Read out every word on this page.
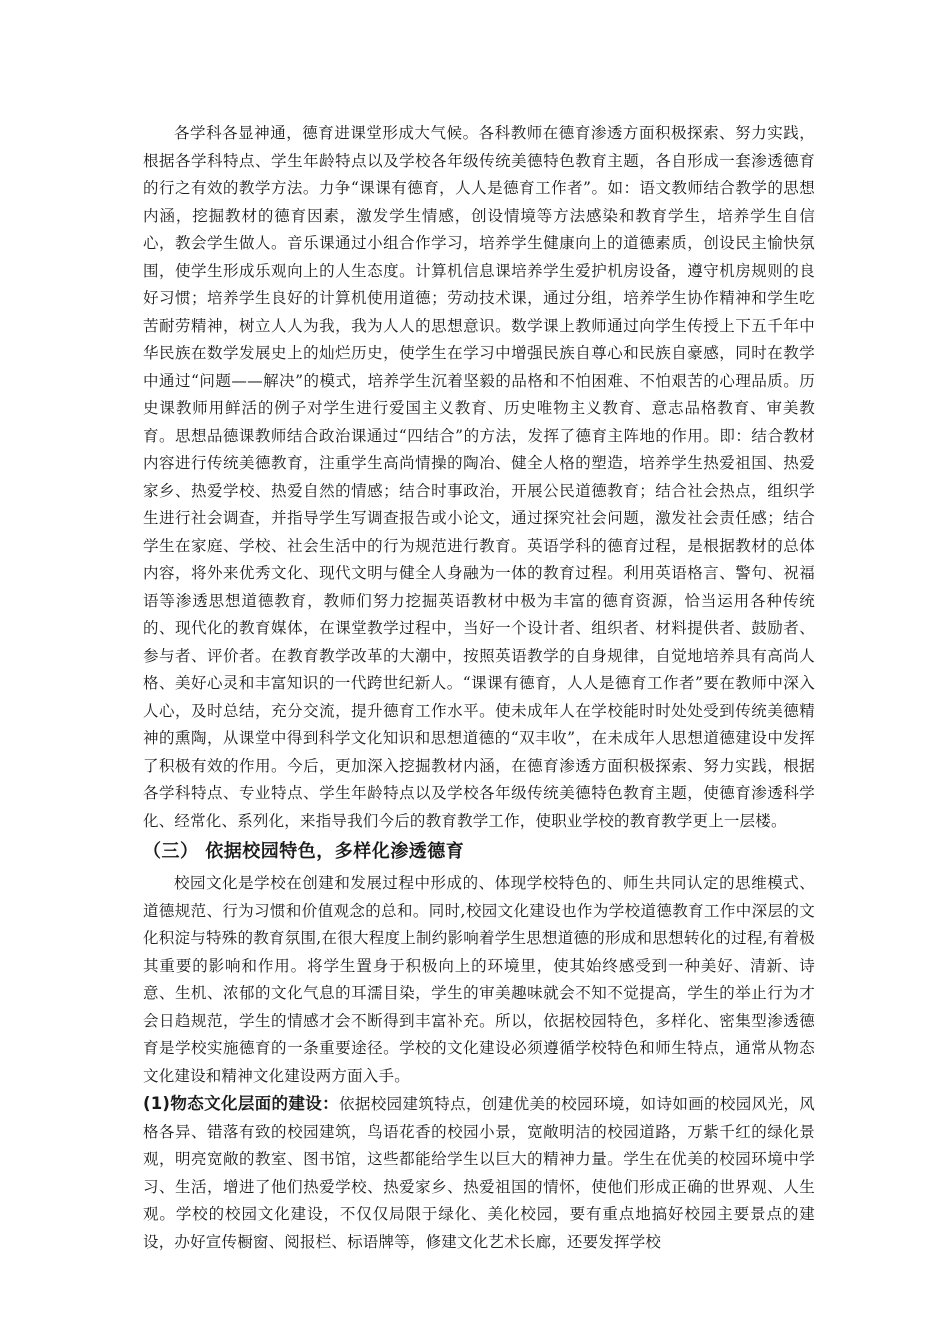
各学科各显神通，德育进课堂形成大气候。各科教师在德育渗透方面积极探索、努力实践，根据各学科特点、学生年龄特点以及学校各年级传统美德特色教育主题，各自形成一套渗透德育的行之有效的教学方法。力争“课课有德育，人人是德育工作者”。如：语文教师结合教学的思想内涵，挖掘教材的德育因素，激发学生情感，创设情境等方法感染和教育学生，培养学生自信心，教会学生做人。音乐课通过小组合作学习，培养学生健康向上的道德素质，创设民主愉快氛围，使学生形成乐观向上的人生态度。计算机信息课培养学生爱护机房设备，遵守机房规则的良好习惯；培养学生良好的计算机使用道德；劳动技术课，通过分组，培养学生协作精神和学生吃苦耐劳精神，树立人人为我，我为人人的思想意识。数学课上教师通过向学生传授上下五千年中华民族在数学发展史上的灿烂历史，使学生在学习中增强民族自尊心和民族自豪感，同时在教学中通过“问题——解决”的模式，培养学生沉着坚毅的品格和不怕困难、不怕艰苦的心理品质。历史课教师用鲜活的例子对学生进行爱国主义教育、历史唯物主义教育、意志品格教育、审美教育。思想品德课教师结合政治课通过“四结合”的方法，发挥了德育主阵地的作用。即：结合教材内容进行传统美德教育，注重学生高尚情操的陶冶、健全人格的塑造，培养学生热爱祖国、热爱家乡、热爱学校、热爱自然的情感；结合时事政治，开展公民道德教育；结合社会热点，组织学生进行社会调查，并指导学生写调查报告或小论文，通过探究社会问题，激发社会责任感；结合学生在家庭、学校、社会生活中的行为规范进行教育。英语学科的德育过程，是根据教材的总体内容，将外来优秀文化、现代文明与健全人身融为一体的教育过程。利用英语格言、警句、祝福语等渗透思想道德教育，教师们努力挖掘英语教材中极为丰富的德育资源，恰当运用各种传统的、现代化的教育媒体，在课堂教学过程中，当好一个设计者、组织者、材料提供者、鼓励者、参与者、评价者。在教育教学改革的大潮中，按照英语教学的自身规律，自觉地培养具有高尚人格、美好心灵和丰富知识的一代跨世纪新人。“课课有德育，人人是德育工作者”要在教师中深入人心，及时总结，充分交流，提升德育工作水平。使未成年人在学校能时时处处受到传统美德精神的熏陶，从课堂中得到科学文化知识和思想道德的“双丰收”，在未成年人思想道德建设中发挥了积极有效的作用。今后，更加深入挖掘教材内涵，在德育渗透方面积极探索、努力实践，根据各学科特点、专业特点、学生年龄特点以及学校各年级传统美德特色教育主题，使德育渗透科学化、经常化、系列化，来指导我们今后的教育教学工作，使职业学校的教育教学更上一层楼。

（三） 依据校园特色，多样化渗透德育

校园文化是学校在创建和发展过程中形成的、体现学校特色的、师生共同认定的思维模式、道德规范、行为习惯和价值观念的总和。同时,校园文化建设也作为学校道德教育工作中深层的文化积淀与特殊的教育氛围,在很大程度上制约影响着学生思想道德的形成和思想转化的过程,有着极其重要的影响和作用。将学生置身于积极向上的环境里，使其始终感受到一种美好、清新、诗意、生机、浓郁的文化气息的耳濡目染，学生的审美趣味就会不知不觉提高，学生的举止行为才会日趋规范，学生的情感才会不断得到丰富补充。所以，依据校园特色，多样化、密集型渗透德育是学校实施德育的一条重要途径。学校的文化建设必须遵循学校特色和师生特点，通常从物态文化建设和精神文化建设两方面入手。

(1)物态文化层面的建设：依据校园建筑特点，创建优美的校园环境，如诗如画的校园风光，风格各异、错落有致的校园建筑，鸟语花香的校园小景，宽敞明洁的校园道路，万紫千红的绿化景观，明亮宽敞的教室、图书馆，这些都能给学生以巨大的精神力量。学生在优美的校园环境中学习、生活，增进了他们热爱学校、热爱家乡、热爱祖国的情怀，使他们形成正确的世界观、人生观。学校的校园文化建设，不仅仅局限于绿化、美化校园，要有重点地搞好校园主要景点的建设，办好宣传橱窗、阅报栏、标语牌等，修建文化艺术长廊，还要发挥学校
